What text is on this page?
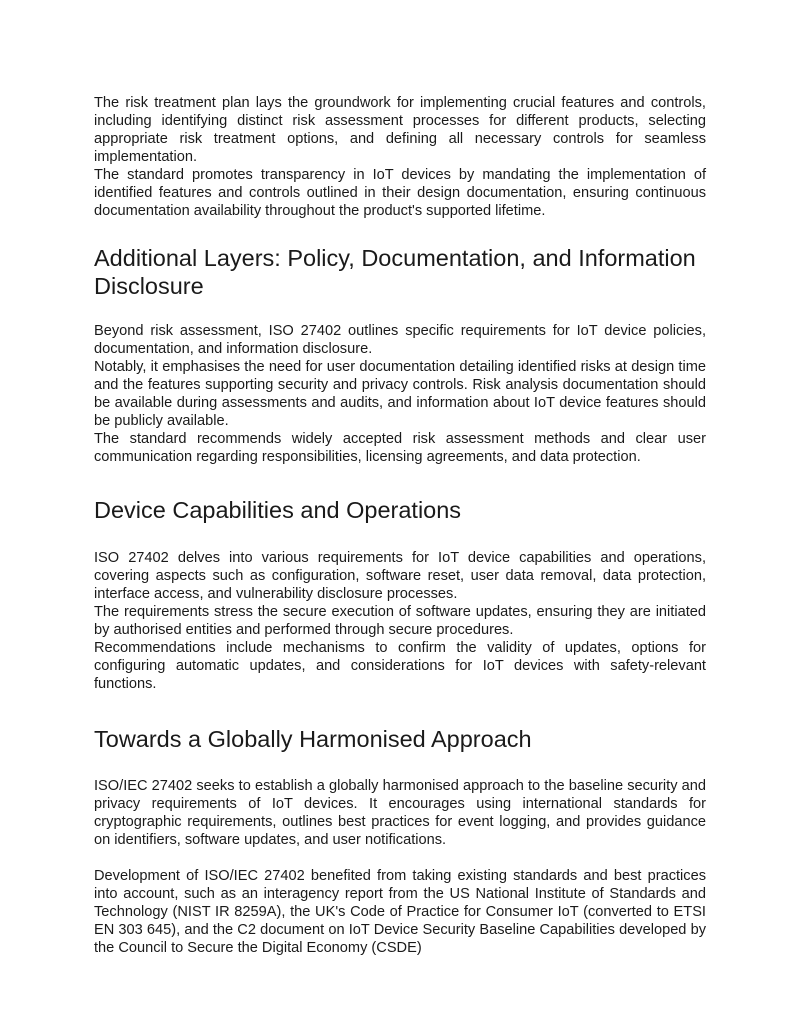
The risk treatment plan lays the groundwork for implementing crucial features and controls, including identifying distinct risk assessment processes for different products, selecting appropriate risk treatment options, and defining all necessary controls for seamless implementation.

The standard promotes transparency in IoT devices by mandating the implementation of identified features and controls outlined in their design documentation, ensuring continuous documentation availability throughout the product's supported lifetime.

Additional Layers: Policy, Documentation, and Information Disclosure

Beyond risk assessment, ISO 27402 outlines specific requirements for IoT device policies, documentation, and information disclosure.

Notably, it emphasises the need for user documentation detailing identified risks at design time and the features supporting security and privacy controls. Risk analysis documentation should be available during assessments and audits, and information about IoT device features should be publicly available.

The standard recommends widely accepted risk assessment methods and clear user communication regarding responsibilities, licensing agreements, and data protection.

Device Capabilities and Operations

ISO 27402 delves into various requirements for IoT device capabilities and operations, covering aspects such as configuration, software reset, user data removal, data protection, interface access, and vulnerability disclosure processes.

The requirements stress the secure execution of software updates, ensuring they are initiated by authorised entities and performed through secure procedures.

Recommendations include mechanisms to confirm the validity of updates, options for configuring automatic updates, and considerations for IoT devices with safety-relevant functions.

Towards a Globally Harmonised Approach

ISO/IEC 27402 seeks to establish a globally harmonised approach to the baseline security and privacy requirements of IoT devices. It encourages using international standards for cryptographic requirements, outlines best practices for event logging, and provides guidance on identifiers, software updates, and user notifications.

Development of ISO/IEC 27402 benefited from taking existing standards and best practices into account, such as an interagency report from the US National Institute of Standards and Technology (NIST IR 8259A), the UK's Code of Practice for Consumer IoT (converted to ETSI EN 303 645), and the C2 document on IoT Device Security Baseline Capabilities developed by the Council to Secure the Digital Economy (CSDE)
